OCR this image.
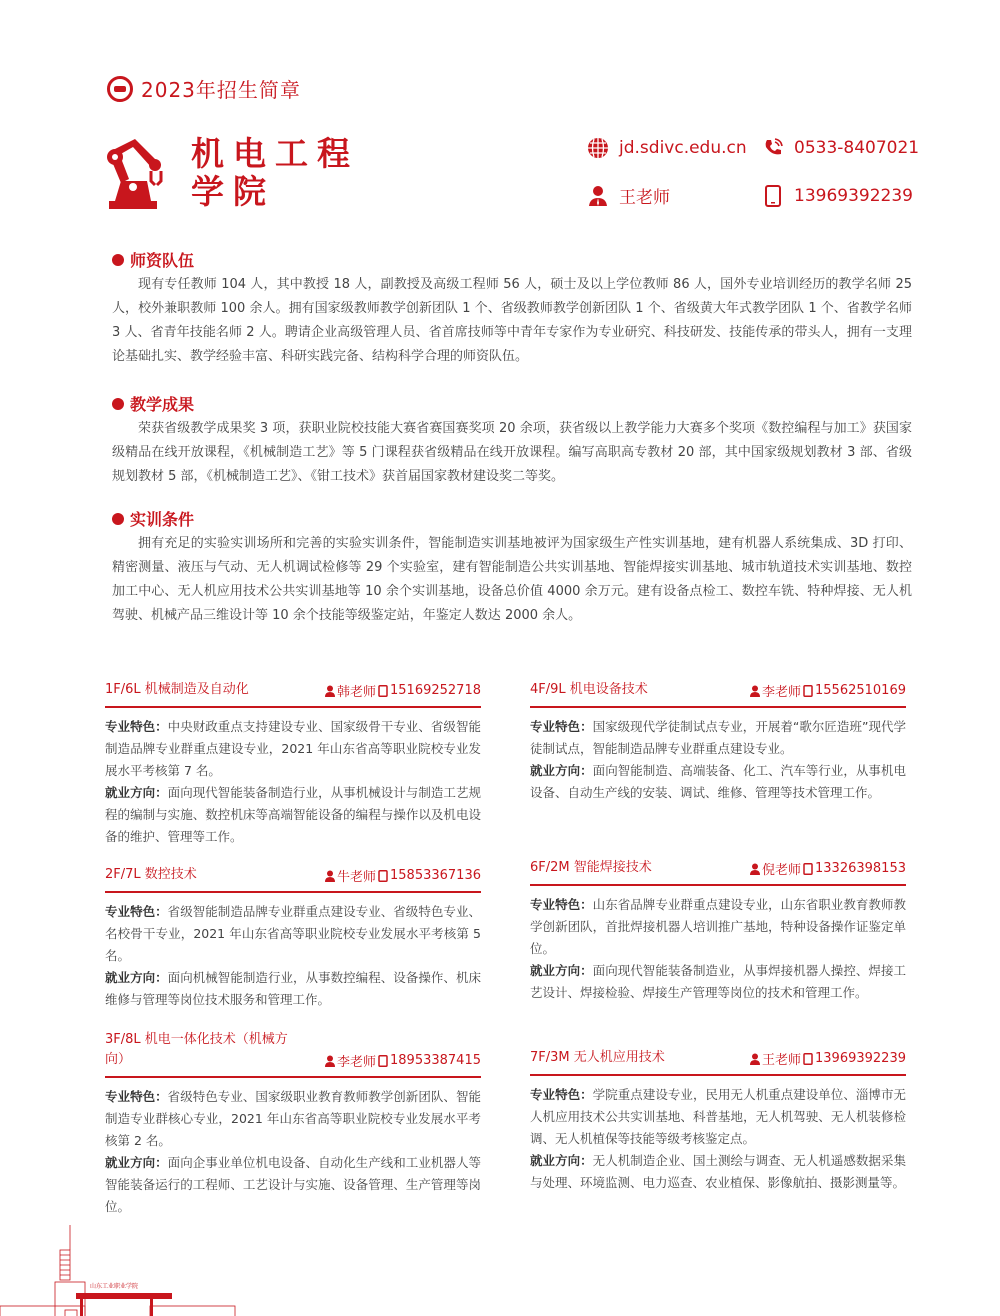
2023年招生简章
机电工程
学院
jd.sdivc.edu.cn	0533-8407021
王老师	13969392239
师资队伍
现有专任教师 104 人，其中教授 18 人，副教授及高级工程师 56 人，硕士及以上学位教师 86 人，国外专业培训经历的教学名师 25 人，校外兼职教师 100 余人。拥有国家级教师教学创新团队 1 个、省级教师教学创新团队 1 个、省级黄大年式教学团队 1 个、省教学名师 3 人、省青年技能名师 2 人。聘请企业高级管理人员、省首席技师等中青年专家作为专业研究、科技研发、技能传承的带头人，拥有一支理论基础扎实、教学经验丰富、科研实践完备、结构科学合理的师资队伍。
教学成果
荣获省级教学成果奖 3 项，获职业院校技能大赛省赛国赛奖项 20 余项，获省级以上教学能力大赛多个奖项《数控编程与加工》获国家级精品在线开放课程，《机械制造工艺》等 5 门课程获省级精品在线开放课程。编写高职高专教材 20 部，其中国家级规划教材 3 部、省级规划教材 5 部，《机械制造工艺》、《钳工技术》获首届国家教材建设奖二等奖。
实训条件
拥有充足的实验实训场所和完善的实验实训条件，智能制造实训基地被评为国家级生产性实训基地，建有机器人系统集成、3D 打印、精密测量、液压与气动、无人机调试检修等 29 个实验室，建有智能制造公共实训基地、智能焊接实训基地、城市轨道技术实训基地、数控加工中心、无人机应用技术公共实训基地等 10 余个实训基地，设备总价值 4000 余万元。建有设备点检工、数控车铣、特种焊接、无人机驾驶、机械产品三维设计等 10 余个技能等级鉴定站，年鉴定人数达 2000 余人。
1F/6L 机械制造及自动化	韩老师 15169252718
专业特色：中央财政重点支持建设专业、国家级骨干专业、省级智能制造品牌专业群重点建设专业，2021 年山东省高等职业院校专业发展水平考核第 7 名。
就业方向：面向现代智能装备制造行业，从事机械设计与制造工艺规程的编制与实施、数控机床等高端智能设备的编程与操作以及机电设备的维护、管理等工作。
2F/7L 数控技术	牛老师 15853367136
专业特色：省级智能制造品牌专业群重点建设专业、省级特色专业、名校骨干专业，2021 年山东省高等职业院校专业发展水平考核第 5 名。
就业方向：面向机械智能制造行业，从事数控编程、设备操作、机床维修与管理等岗位技术服务和管理工作。
3F/8L 机电一体化技术（机械方向）	李老师 18953387415
专业特色：省级特色专业、国家级职业教育教师教学创新团队、智能制造专业群核心专业，2021 年山东省高等职业院校专业发展水平考核第 2 名。
就业方向：面向企事业单位机电设备、自动化生产线和工业机器人等智能装备运行的工程师、工艺设计与实施、设备管理、生产管理等岗位。
4F/9L 机电设备技术	李老师 15562510169
专业特色：国家级现代学徒制试点专业，开展着“歌尔匠造班”现代学徒制试点，智能制造品牌专业群重点建设专业。
就业方向：面向智能制造、高端装备、化工、汽车等行业，从事机电设备、自动生产线的安装、调试、维修、管理等技术管理工作。
6F/2M 智能焊接技术	倪老师 13326398153
专业特色：山东省品牌专业群重点建设专业，山东省职业教育教师教学创新团队，首批焊接机器人培训推广基地，特种设备操作证鉴定单位。
就业方向：面向现代智能装备制造业，从事焊接机器人操控、焊接工艺设计、焊接检验、焊接生产管理等岗位的技术和管理工作。
7F/3M 无人机应用技术	王老师 13969392239
专业特色：学院重点建设专业，民用无人机重点建设单位、淄博市无人机应用技术公共实训基地、科普基地，无人机驾驶、无人机装修检调、无人机植保等技能等级考核鉴定点。
就业方向：无人机制造企业、国土测绘与调查、无人机遥感数据采集与处理、环境监测、电力巡查、农业植保、影像航拍、摄影测量等。
山东工业职业学院
